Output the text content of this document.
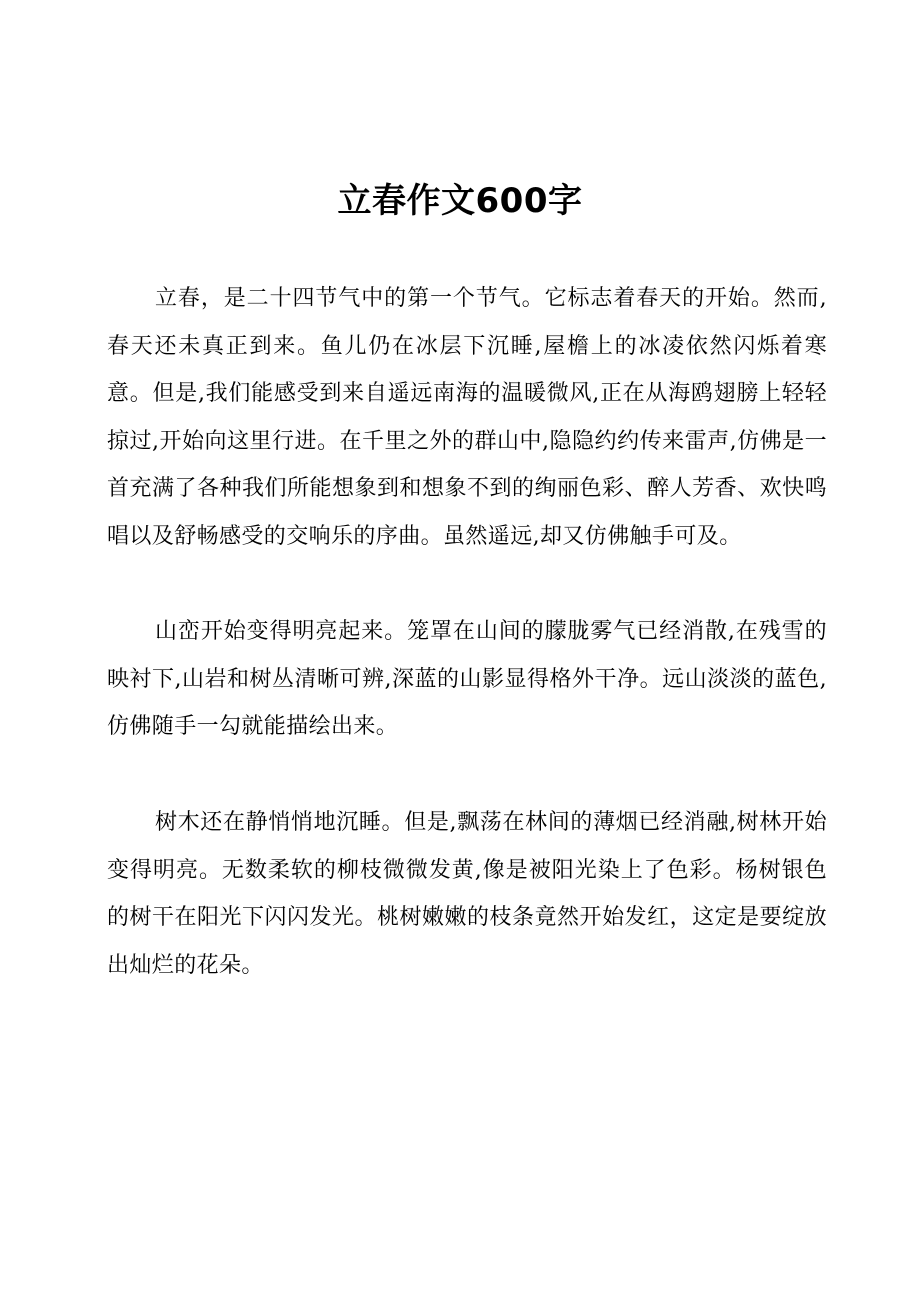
立春作文600字

立春，是二十四节气中的第一个节气。它标志着春天的开始。然而,春天还未真正到来。鱼儿仍在冰层下沉睡,屋檐上的冰凌依然闪烁着寒意。但是,我们能感受到来自遥远南海的温暖微风,正在从海鸥翅膀上轻轻掠过,开始向这里行进。在千里之外的群山中,隐隐约约传来雷声,仿佛是一首充满了各种我们所能想象到和想象不到的绚丽色彩、醉人芳香、欢快鸣唱以及舒畅感受的交响乐的序曲。虽然遥远,却又仿佛触手可及。

山峦开始变得明亮起来。笼罩在山间的朦胧雾气已经消散,在残雪的映衬下,山岩和树丛清晰可辨,深蓝的山影显得格外干净。远山淡淡的蓝色,仿佛随手一勾就能描绘出来。

树木还在静悄悄地沉睡。但是,飘荡在林间的薄烟已经消融,树林开始变得明亮。无数柔软的柳枝微微发黄,像是被阳光染上了色彩。杨树银色的树干在阳光下闪闪发光。桃树嫩嫩的枝条竟然开始发红，这定是要绽放出灿烂的花朵。
